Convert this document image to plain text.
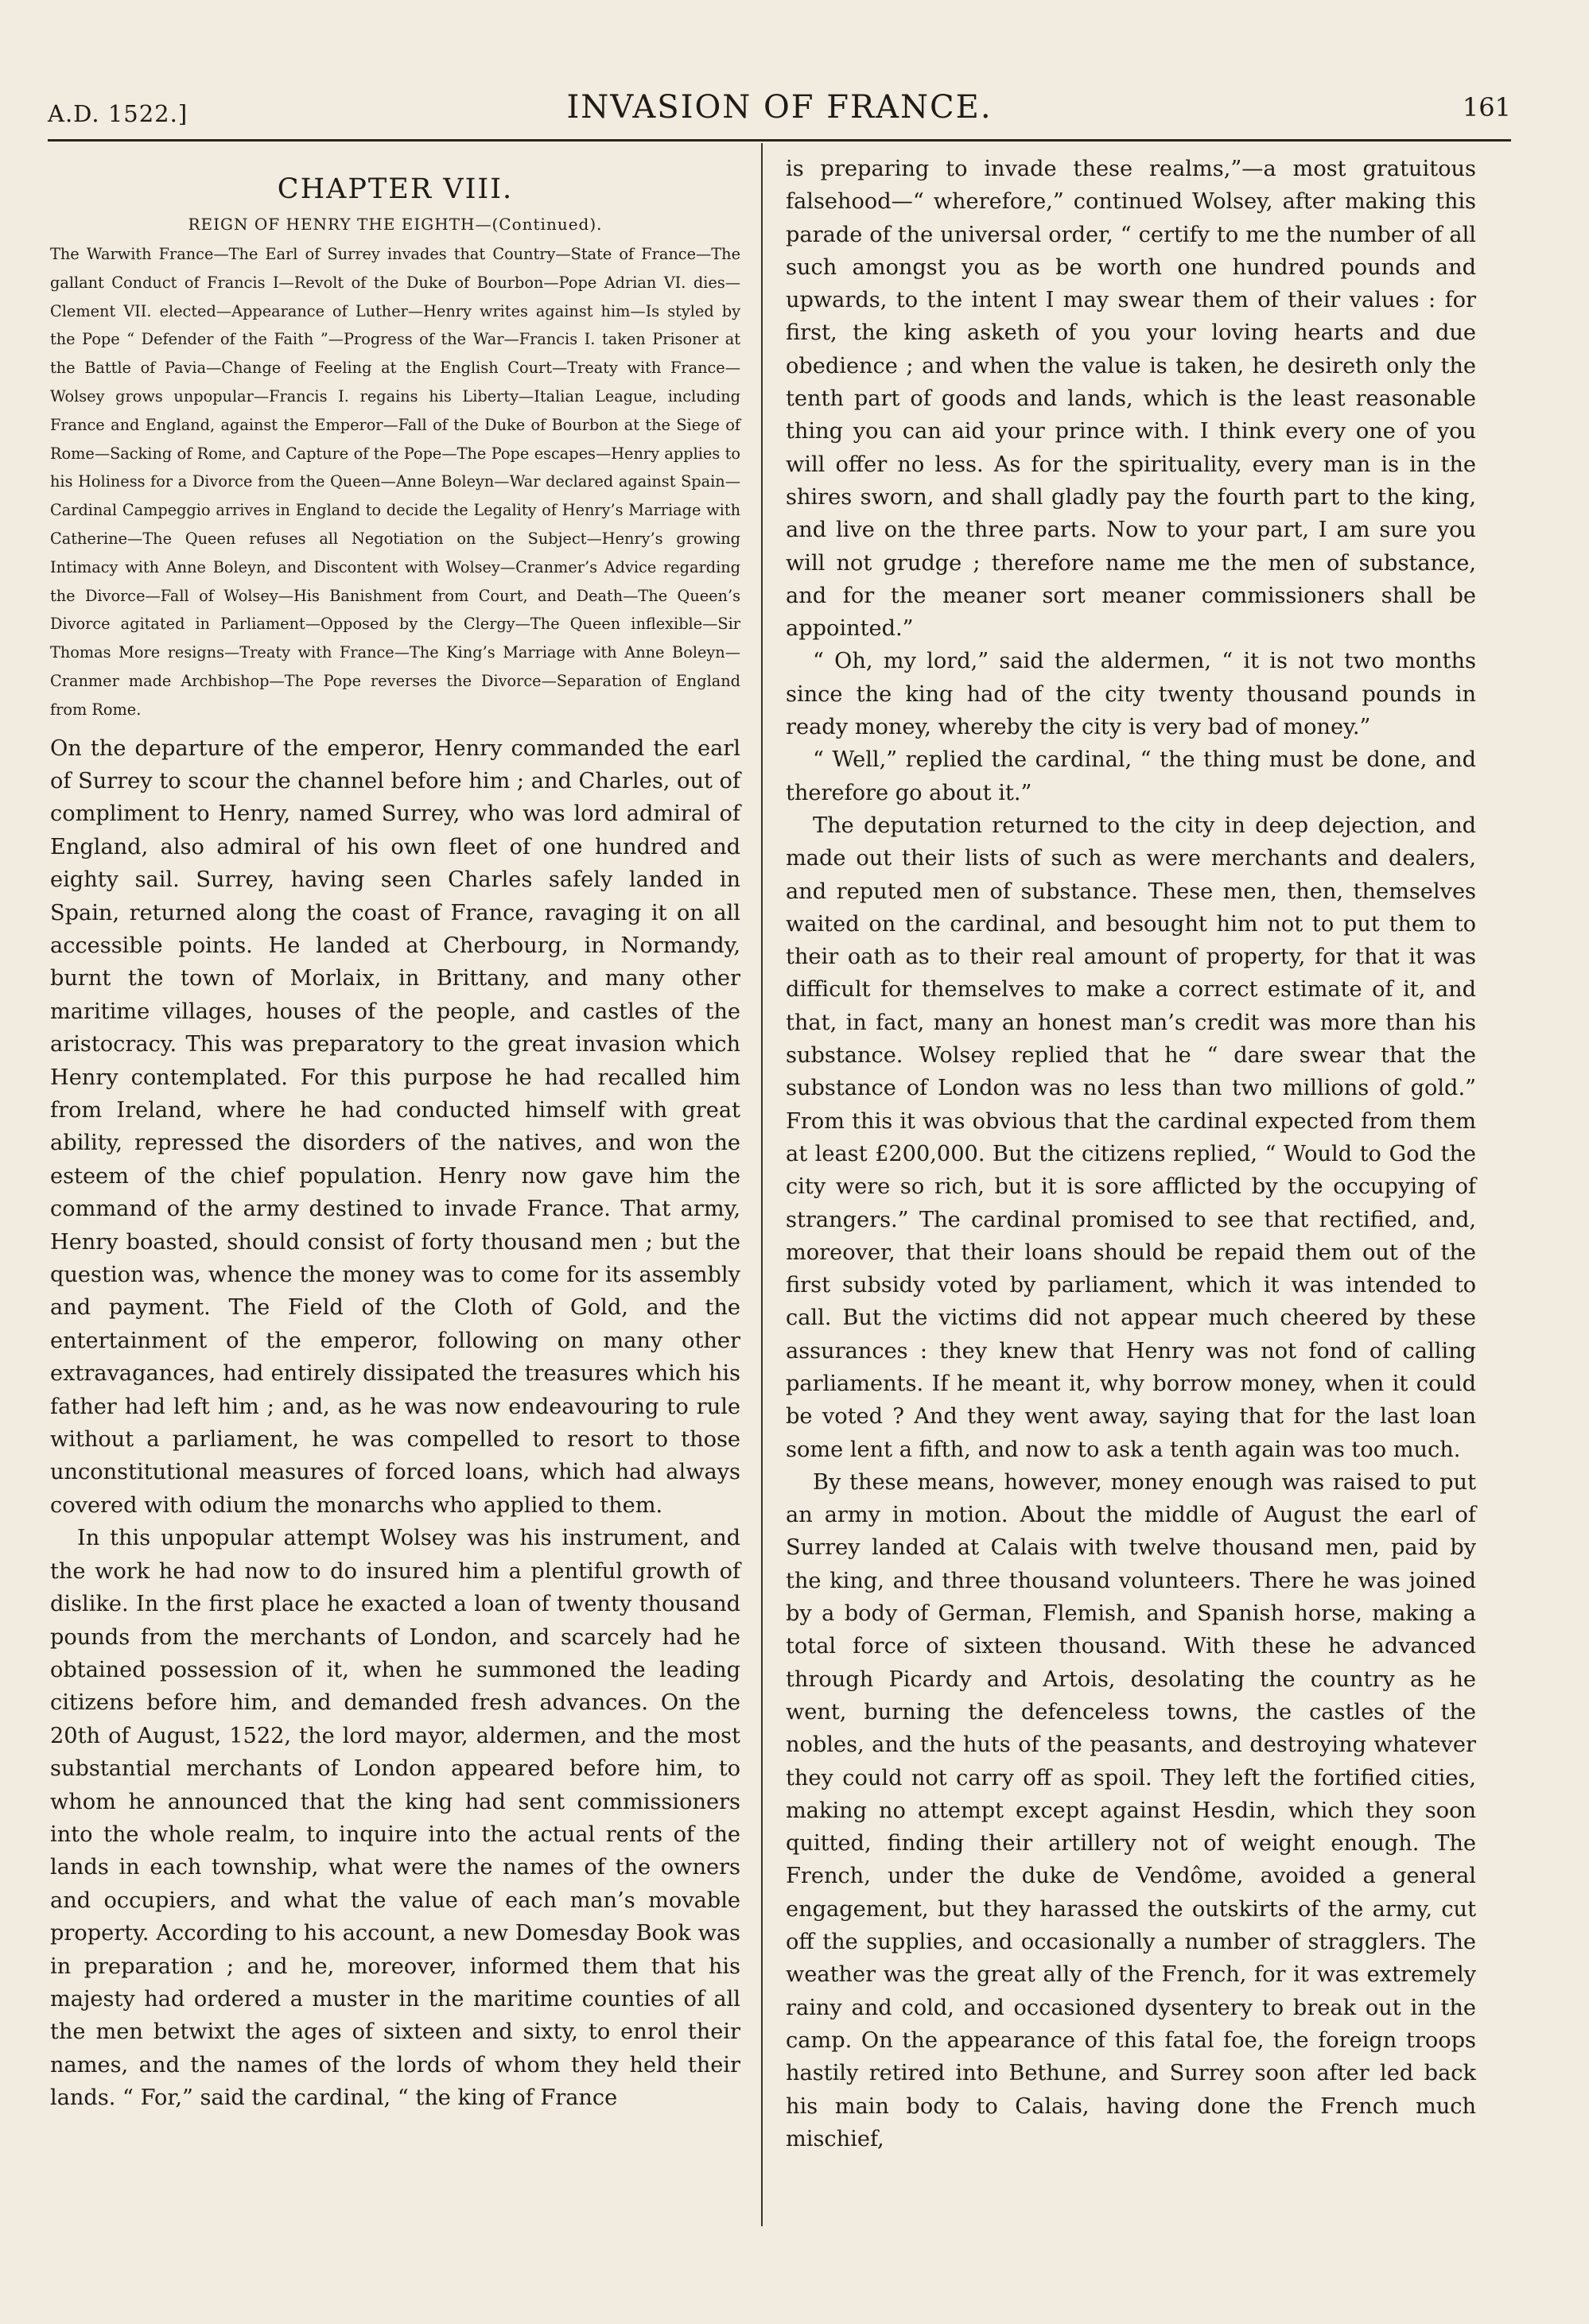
A.D. 1522.]	INVASION OF FRANCE.	161
CHAPTER VIII.
REIGN OF HENRY THE EIGHTH—(Continued).

The Warwith France—The Earl of Surrey invades that Country—State of France—The gallant Conduct of Francis I—Revolt of the Duke of Bourbon—Pope Adrian VI. dies—Clement VII. elected—Appearance of Luther—Henry writes against him—Is styled by the Pope “ Defender of the Faith ”—Progress of the War—Francis I. taken Prisoner at the Battle of Pavia—Change of Feeling at the English Court—Treaty with France—Wolsey grows unpopular—Francis I. regains his Liberty—Italian League, including France and England, against the Emperor—Fall of the Duke of Bourbon at the Siege of Rome—Sacking of Rome, and Capture of the Pope—The Pope escapes—Henry applies to his Holiness for a Divorce from the Queen—Anne Boleyn—War declared against Spain—Cardinal Campeggio arrives in England to decide the Legality of Henry’s Marriage with Catherine—The Queen refuses all Negotiation on the Subject—Henry’s growing Intimacy with Anne Boleyn, and Discontent with Wolsey—Cranmer’s Advice regarding the Divorce—Fall of Wolsey—His Banishment from Court, and Death—The Queen’s Divorce agitated in Parliament—Opposed by the Clergy—The Queen inflexible—Sir Thomas More resigns—Treaty with France—The King’s Marriage with Anne Boleyn—Cranmer made Archbishop—The Pope reverses the Divorce—Separation of England from Rome.

On the departure of the emperor, Henry commanded the earl of Surrey to scour the channel before him ; and Charles, out of compliment to Henry, named Surrey, who was lord admiral of England, also admiral of his own fleet of one hundred and eighty sail. Surrey, having seen Charles safely landed in Spain, returned along the coast of France, ravaging it on all accessible points. He landed at Cherbourg, in Normandy, burnt the town of Morlaix, in Brittany, and many other maritime villages, houses of the people, and castles of the aristocracy. This was preparatory to the great invasion which Henry contemplated. For this purpose he had recalled him from Ireland, where he had conducted himself with great ability, repressed the disorders of the natives, and won the esteem of the chief population. Henry now gave him the command of the army destined to invade France. That army, Henry boasted, should consist of forty thousand men ; but the question was, whence the money was to come for its assembly and payment. The Field of the Cloth of Gold, and the entertainment of the emperor, following on many other extravagances, had entirely dissipated the treasures which his father had left him ; and, as he was now endeavouring to rule without a parliament, he was compelled to resort to those unconstitutional measures of forced loans, which had always covered with odium the monarchs who applied to them.

In this unpopular attempt Wolsey was his instrument, and the work he had now to do insured him a plentiful growth of dislike. In the first place he exacted a loan of twenty thousand pounds from the merchants of London, and scarcely had he obtained possession of it, when he summoned the leading citizens before him, and demanded fresh advances. On the 20th of August, 1522, the lord mayor, aldermen, and the most substantial merchants of London appeared before him, to whom he announced that the king had sent commissioners into the whole realm, to inquire into the actual rents of the lands in each township, what were the names of the owners and occupiers, and what the value of each man’s movable property. According to his account, a new Domesday Book was in preparation ; and he, moreover, informed them that his majesty had ordered a muster in the maritime counties of all the men betwixt the ages of sixteen and sixty, to enrol their names, and the names of the lords of whom they held their lands. “ For,” said the cardinal, “ the king of France

is preparing to invade these realms,”—a most gratuitous falsehood—“ wherefore,” continued Wolsey, after making this parade of the universal order, “ certify to me the number of all such amongst you as be worth one hundred pounds and upwards, to the intent I may swear them of their values : for first, the king asketh of you your loving hearts and due obedience ; and when the value is taken, he desireth only the tenth part of goods and lands, which is the least reasonable thing you can aid your prince with. I think every one of you will offer no less. As for the spirituality, every man is in the shires sworn, and shall gladly pay the fourth part to the king, and live on the three parts. Now to your part, I am sure you will not grudge ; therefore name me the men of substance, and for the meaner sort meaner commissioners shall be appointed.”

“ Oh, my lord,” said the aldermen, “ it is not two months since the king had of the city twenty thousand pounds in ready money, whereby the city is very bad of money.”

“ Well,” replied the cardinal, “ the thing must be done, and therefore go about it.”

The deputation returned to the city in deep dejection, and made out their lists of such as were merchants and dealers, and reputed men of substance. These men, then, themselves waited on the cardinal, and besought him not to put them to their oath as to their real amount of property, for that it was difficult for themselves to make a correct estimate of it, and that, in fact, many an honest man’s credit was more than his substance. Wolsey replied that he “ dare swear that the substance of London was no less than two millions of gold.” From this it was obvious that the cardinal expected from them at least £200,000. But the citizens replied, “ Would to God the city were so rich, but it is sore afflicted by the occupying of strangers.” The cardinal promised to see that rectified, and, moreover, that their loans should be repaid them out of the first subsidy voted by parliament, which it was intended to call. But the victims did not appear much cheered by these assurances : they knew that Henry was not fond of calling parliaments. If he meant it, why borrow money, when it could be voted ? And they went away, saying that for the last loan some lent a fifth, and now to ask a tenth again was too much.

By these means, however, money enough was raised to put an army in motion. About the middle of August the earl of Surrey landed at Calais with twelve thousand men, paid by the king, and three thousand volunteers. There he was joined by a body of German, Flemish, and Spanish horse, making a total force of sixteen thousand. With these he advanced through Picardy and Artois, desolating the country as he went, burning the defenceless towns, the castles of the nobles, and the huts of the peasants, and destroying whatever they could not carry off as spoil. They left the fortified cities, making no attempt except against Hesdin, which they soon quitted, finding their artillery not of weight enough. The French, under the duke de Vendôme, avoided a general engagement, but they harassed the outskirts of the army, cut off the supplies, and occasionally a number of stragglers. The weather was the great ally of the French, for it was extremely rainy and cold, and occasioned dysentery to break out in the camp. On the appearance of this fatal foe, the foreign troops hastily retired into Bethune, and Surrey soon after led back his main body to Calais, having done the French much mischief,
